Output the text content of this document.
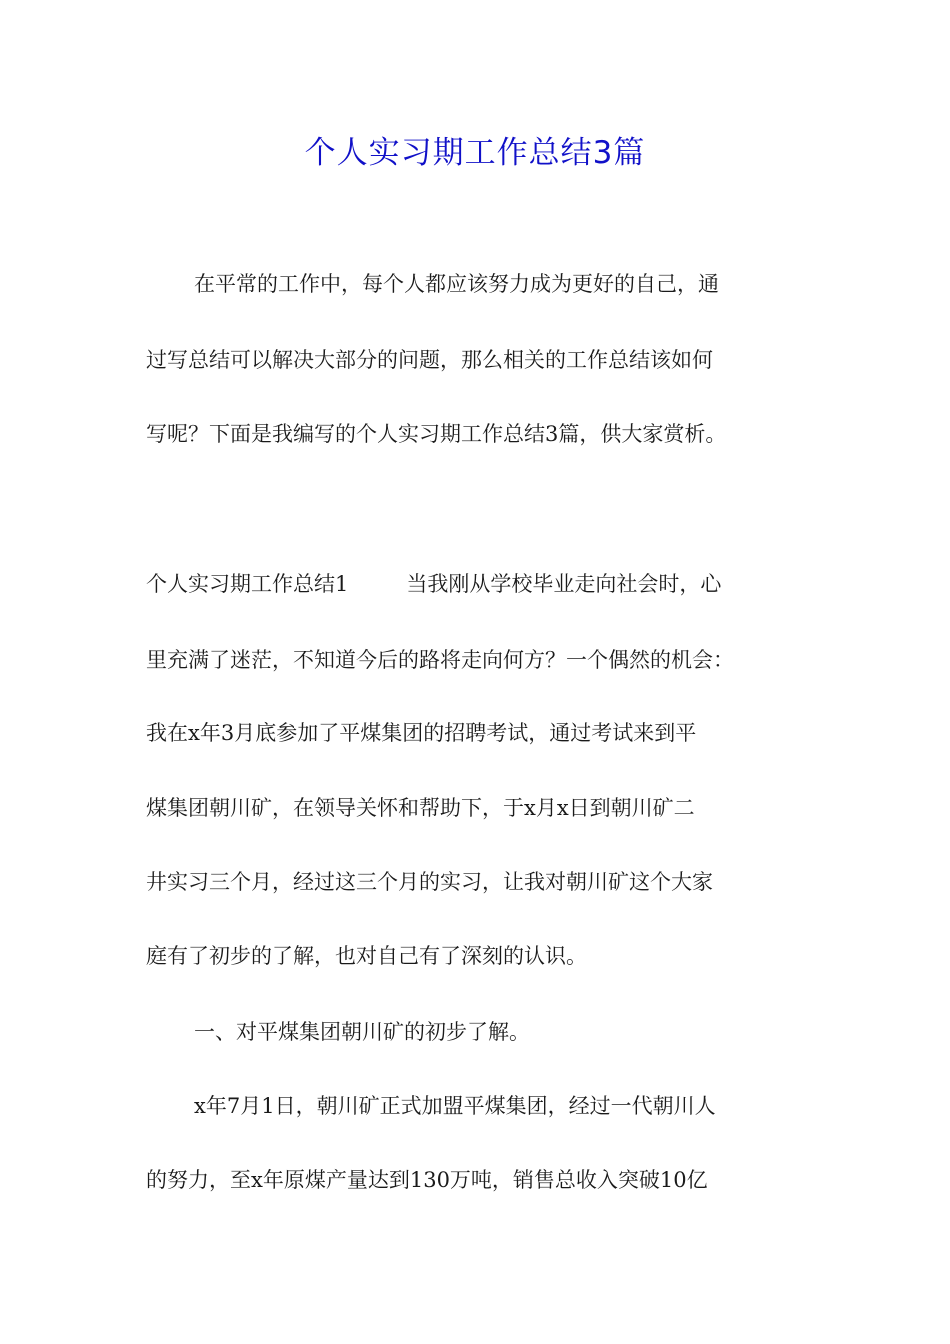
个人实习期工作总结3篇
在平常的工作中，每个人都应该努力成为更好的自己，通
过写总结可以解决大部分的问题，那么相关的工作总结该如何
写呢？下面是我编写的个人实习期工作总结3篇，供大家赏析。
个人实习期工作总结1	当我刚从学校毕业走向社会时，心
里充满了迷茫，不知道今后的路将走向何方？一个偶然的机会：
我在x年3月底参加了平煤集团的招聘考试，通过考试来到平
煤集团朝川矿，在领导关怀和帮助下，于x月x日到朝川矿二
井实习三个月，经过这三个月的实习，让我对朝川矿这个大家
庭有了初步的了解，也对自己有了深刻的认识。
一、对平煤集团朝川矿的初步了解。
x年7月1日，朝川矿正式加盟平煤集团，经过一代朝川人
的努力，至x年原煤产量达到130万吨，销售总收入突破10亿
